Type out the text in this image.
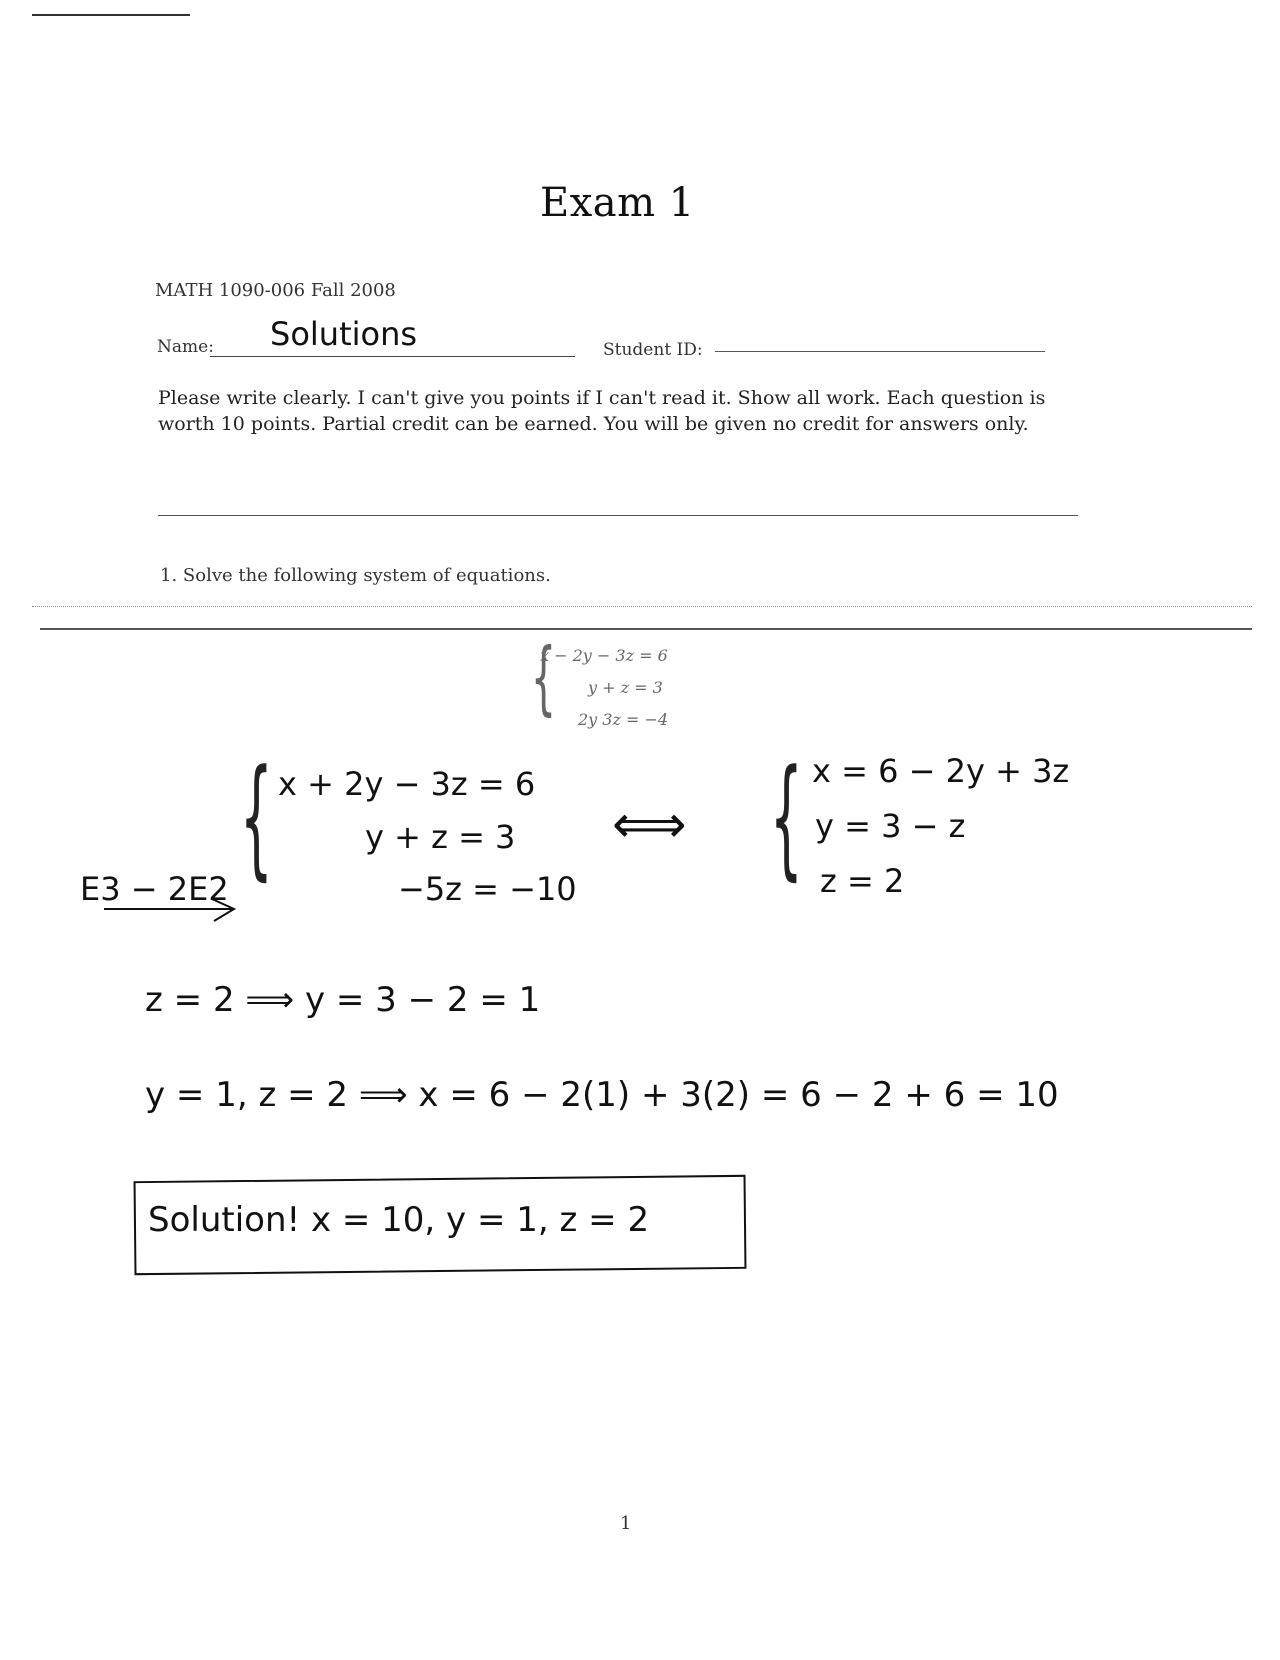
Exam 1
MATH 1090-006 Fall 2008
Name: Solutions	Student ID:
Please write clearly. I can't give you points if I can't read it. Show all work. Each question is worth 10 points. Partial credit can be earned. You will be given no credit for answers only.
1. Solve the following system of equations.
{
x − 2y − 3z = 6
y + z = 3
2y 3z = −4
{ x + 2y − 3z = 6
y + z = 3
−5z = −10
E3 − 2E2
⟺ { x = 6 − 2y + 3z
y = 3 − z
z = 2
z = 2 ⟹ y = 3 − 2 = 1
y = 1, z = 2 ⟹ x = 6 − 2(1) + 3(2) = 6 − 2 + 6 = 10
Solution! x = 10, y = 1, z = 2
1
